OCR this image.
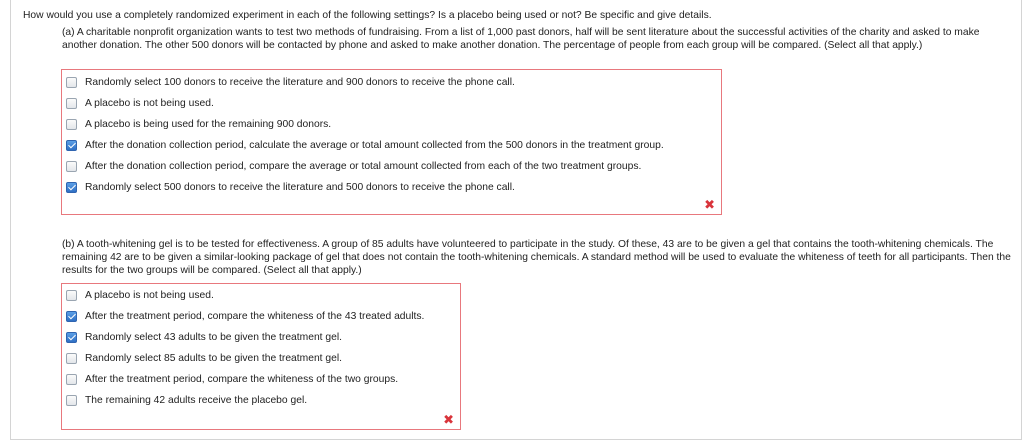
How would you use a completely randomized experiment in each of the following settings? Is a placebo being used or not? Be specific and give details.
(a) A charitable nonprofit organization wants to test two methods of fundraising. From a list of 1,000 past donors, half will be sent literature about the successful activities of the charity and asked to make another donation. The other 500 donors will be contacted by phone and asked to make another donation. The percentage of people from each group will be compared. (Select all that apply.)
Randomly select 100 donors to receive the literature and 900 donors to receive the phone call.
A placebo is not being used.
A placebo is being used for the remaining 900 donors.
After the donation collection period, calculate the average or total amount collected from the 500 donors in the treatment group.
After the donation collection period, compare the average or total amount collected from each of the two treatment groups.
Randomly select 500 donors to receive the literature and 500 donors to receive the phone call.
✖
(b) A tooth-whitening gel is to be tested for effectiveness. A group of 85 adults have volunteered to participate in the study. Of these, 43 are to be given a gel that contains the tooth-whitening chemicals. The remaining 42 are to be given a similar-looking package of gel that does not contain the tooth-whitening chemicals. A standard method will be used to evaluate the whiteness of teeth for all participants. Then the results for the two groups will be compared. (Select all that apply.)
A placebo is not being used.
After the treatment period, compare the whiteness of the 43 treated adults.
Randomly select 43 adults to be given the treatment gel.
Randomly select 85 adults to be given the treatment gel.
After the treatment period, compare the whiteness of the two groups.
The remaining 42 adults receive the placebo gel.
✖
